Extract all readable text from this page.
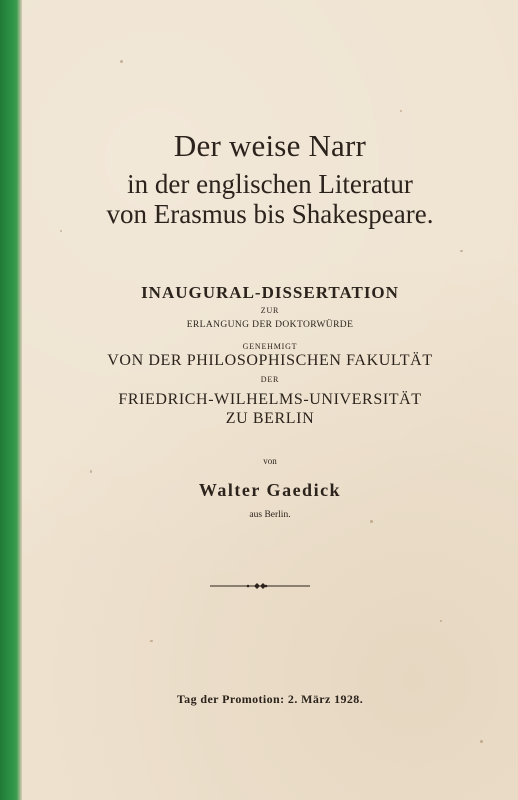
Der weise Narr
in der englischen Literatur
von Erasmus bis Shakespeare.
INAUGURAL-DISSERTATION
ZUR
ERLANGUNG DER DOKTORWÜRDE
GENEHMIGT
VON DER PHILOSOPHISCHEN FAKULTÄT
DER
FRIEDRICH-WILHELMS-UNIVERSITÄT
ZU BERLIN
von
Walter Gaedick
aus Berlin.
Tag der Promotion: 2. März 1928.
